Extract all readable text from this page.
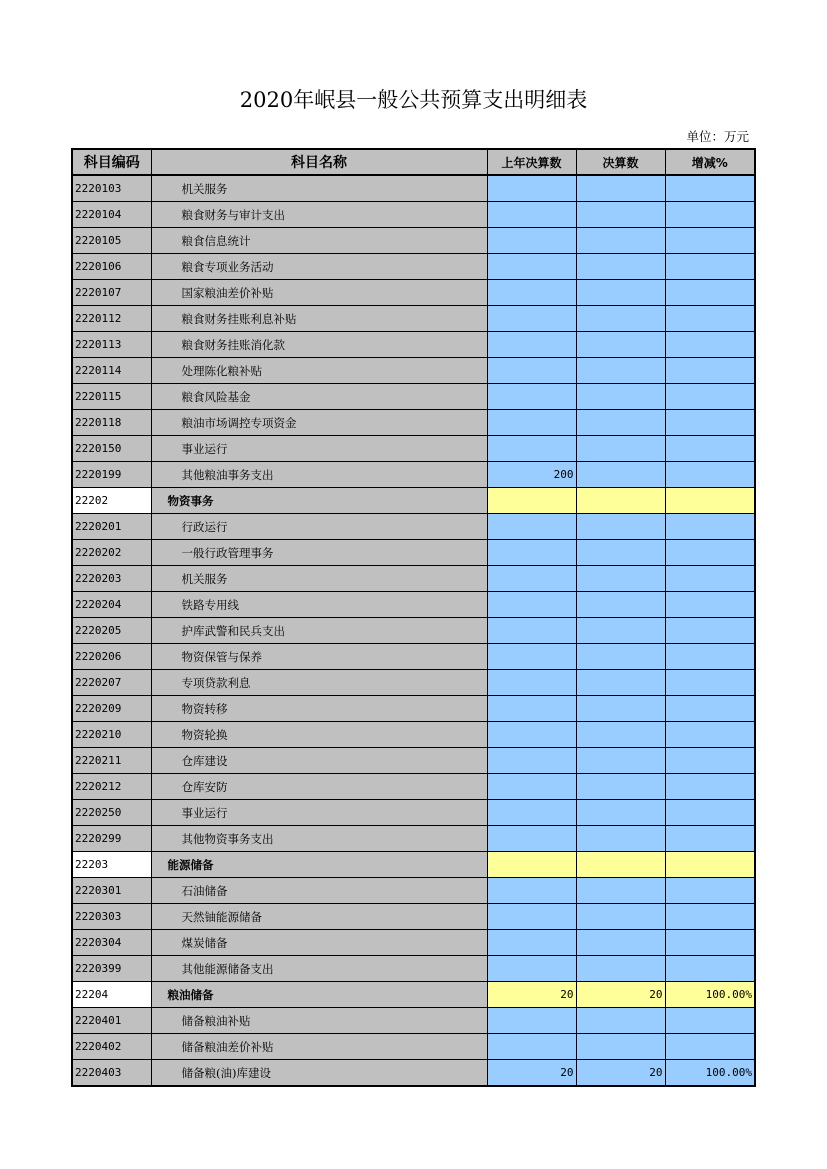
2020年岷县一般公共预算支出明细表
单位：万元
科目编码	科目名称	上年决算数	决算数	增减%
2220103	机关服务			
2220104	粮食财务与审计支出			
2220105	粮食信息统计			
2220106	粮食专项业务活动			
2220107	国家粮油差价补贴			
2220112	粮食财务挂账利息补贴			
2220113	粮食财务挂账消化款			
2220114	处理陈化粮补贴			
2220115	粮食风险基金			
2220118	粮油市场调控专项资金			
2220150	事业运行			
2220199	其他粮油事务支出	200		
22202	物资事务			
2220201	行政运行			
2220202	一般行政管理事务			
2220203	机关服务			
2220204	铁路专用线			
2220205	护库武警和民兵支出			
2220206	物资保管与保养			
2220207	专项贷款利息			
2220209	物资转移			
2220210	物资轮换			
2220211	仓库建设			
2220212	仓库安防			
2220250	事业运行			
2220299	其他物资事务支出			
22203	能源储备			
2220301	石油储备			
2220303	天然铀能源储备			
2220304	煤炭储备			
2220399	其他能源储备支出			
22204	粮油储备	20	20	100.00%
2220401	储备粮油补贴			
2220402	储备粮油差价补贴			
2220403	储备粮(油)库建设	20	20	100.00%
